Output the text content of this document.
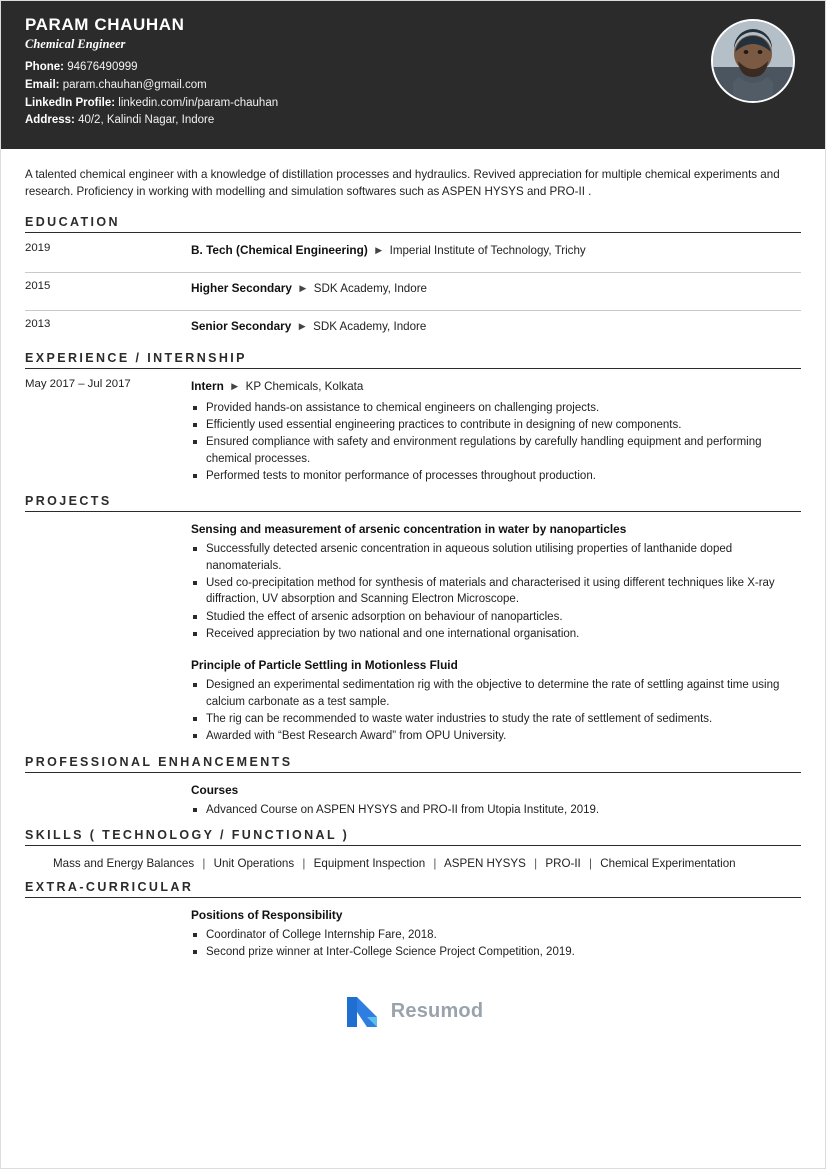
PARAM CHAUHAN
Chemical Engineer

Phone: 94676490999

Email: param.chauhan@gmail.com

LinkedIn Profile: linkedin.com/in/param-chauhan

Address: 40/2, Kalindi Nagar, Indore

A talented chemical engineer with a knowledge of distillation processes and hydraulics. Revived appreciation for multiple chemical experiments and research. Proficiency in working with modelling and simulation softwares such as ASPEN HYSYS and PRO-II .

EDUCATION
2019	B. Tech (Chemical Engineering) ▶ Imperial Institute of Technology, Trichy
2015	Higher Secondary ▶ SDK Academy, Indore
2013	Senior Secondary ▶ SDK Academy, Indore
EXPERIENCE / INTERNSHIP
May 2017 – Jul 2017	Intern ▶ KP Chemicals, Kolkata
Provided hands-on assistance to chemical engineers on challenging projects.
Efficiently used essential engineering practices to contribute in designing of new components.
Ensured compliance with safety and environment regulations by carefully handling equipment and performing chemical processes.
Performed tests to monitor performance of processes throughout production.
PROJECTS
Sensing and measurement of arsenic concentration in water by nanoparticles
Successfully detected arsenic concentration in aqueous solution utilising properties of lanthanide doped nanomaterials.
Used co-precipitation method for synthesis of materials and characterised it using different techniques like X-ray diffraction, UV absorption and Scanning Electron Microscope.
Studied the effect of arsenic adsorption on behaviour of nanoparticles.
Received appreciation by two national and one international organisation.
Principle of Particle Settling in Motionless Fluid
Designed an experimental sedimentation rig with the objective to determine the rate of settling against time using calcium carbonate as a test sample.
The rig can be recommended to waste water industries to study the rate of settlement of sediments.
Awarded with “Best Research Award” from OPU University.
PROFESSIONAL ENHANCEMENTS
Courses
Advanced Course on ASPEN HYSYS and PRO-II from Utopia Institute, 2019.
SKILLS ( TECHNOLOGY / FUNCTIONAL )
Mass and Energy Balances | Unit Operations | Equipment Inspection | ASPEN HYSYS | PRO-II | Chemical Experimentation
EXTRA-CURRICULAR
Positions of Responsibility
Coordinator of College Internship Fare, 2018.
Second prize winner at Inter-College Science Project Competition, 2019.
Resumod
